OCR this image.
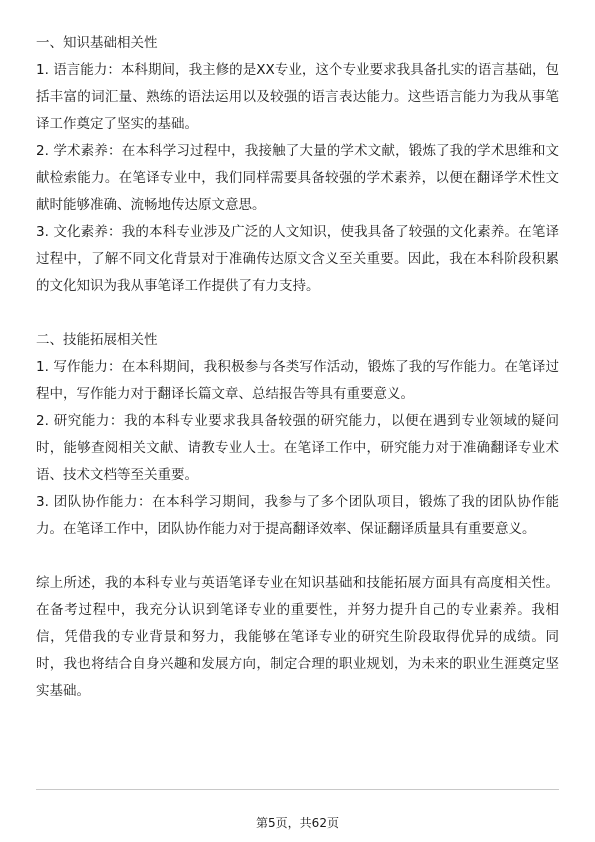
一、知识基础相关性

1. 语言能力：本科期间，我主修的是XX专业，这个专业要求我具备扎实的语言基础，包括丰富的词汇量、熟练的语法运用以及较强的语言表达能力。这些语言能力为我从事笔译工作奠定了坚实的基础。

2. 学术素养：在本科学习过程中，我接触了大量的学术文献，锻炼了我的学术思维和文献检索能力。在笔译专业中，我们同样需要具备较强的学术素养，以便在翻译学术性文献时能够准确、流畅地传达原文意思。

3. 文化素养：我的本科专业涉及广泛的人文知识，使我具备了较强的文化素养。在笔译过程中，了解不同文化背景对于准确传达原文含义至关重要。因此，我在本科阶段积累的文化知识为我从事笔译工作提供了有力支持。

二、技能拓展相关性

1. 写作能力：在本科期间，我积极参与各类写作活动，锻炼了我的写作能力。在笔译过程中，写作能力对于翻译长篇文章、总结报告等具有重要意义。

2. 研究能力：我的本科专业要求我具备较强的研究能力，以便在遇到专业领域的疑问时，能够查阅相关文献、请教专业人士。在笔译工作中，研究能力对于准确翻译专业术语、技术文档等至关重要。

3. 团队协作能力：在本科学习期间，我参与了多个团队项目，锻炼了我的团队协作能力。在笔译工作中，团队协作能力对于提高翻译效率、保证翻译质量具有重要意义。

综上所述，我的本科专业与英语笔译专业在知识基础和技能拓展方面具有高度相关性。在备考过程中，我充分认识到笔译专业的重要性，并努力提升自己的专业素养。我相信，凭借我的专业背景和努力，我能够在笔译专业的研究生阶段取得优异的成绩。同时，我也将结合自身兴趣和发展方向，制定合理的职业规划，为未来的职业生涯奠定坚实基础。

第5页，共62页
